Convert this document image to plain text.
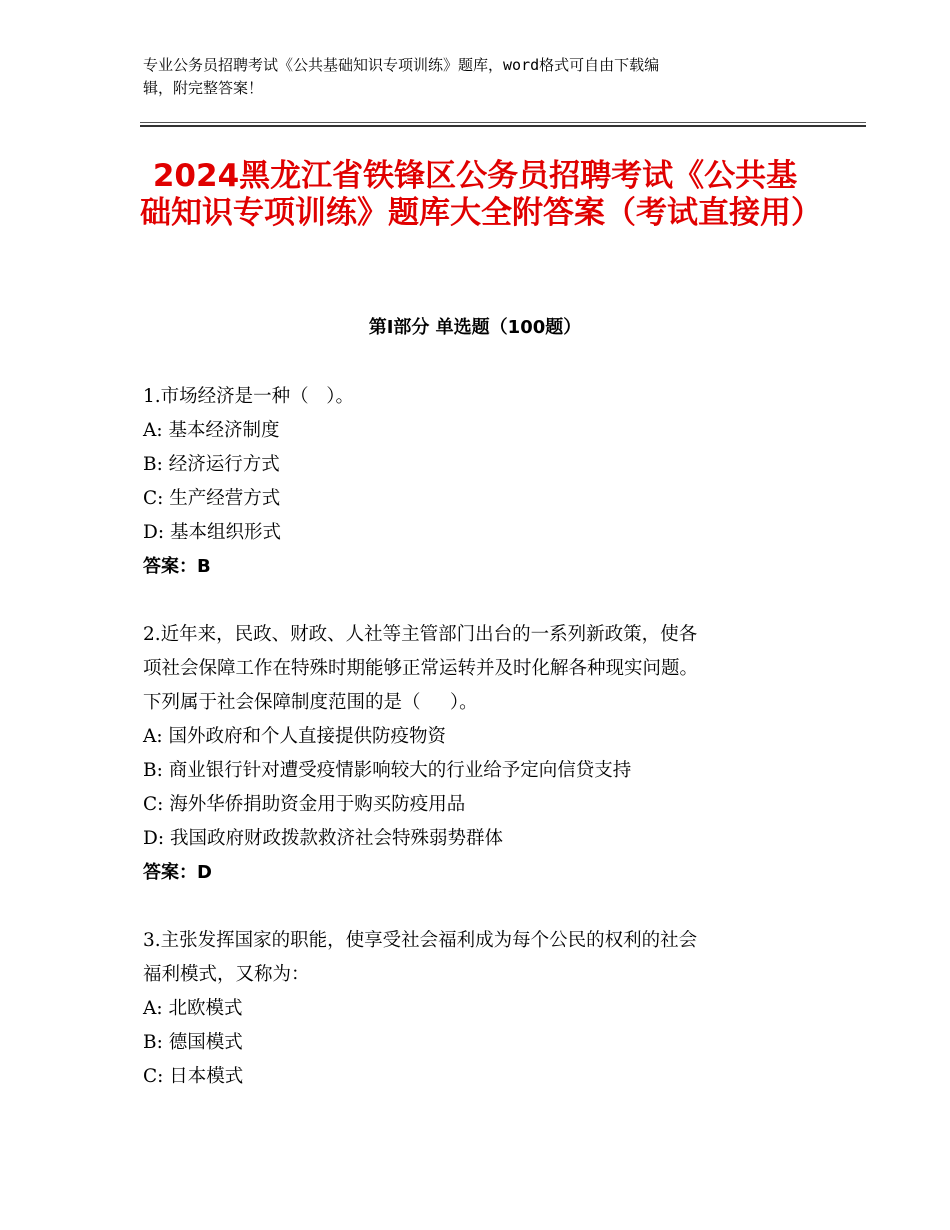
专业公务员招聘考试《公共基础知识专项训练》题库，word格式可自由下载编
辑，附完整答案！
2024黑龙江省铁锋区公务员招聘考试《公共基础知识专项训练》题库大全附答案（考试直接用）
第Ⅰ部分 单选题（100题）
1.市场经济是一种（   ）。
A: 基本经济制度
B: 经济运行方式
C: 生产经营方式
D: 基本组织形式
答案：B
2.近年来，民政、财政、人社等主管部门出台的一系列新政策，使各
项社会保障工作在特殊时期能够正常运转并及时化解各种现实问题。
下列属于社会保障制度范围的是（     ）。
A: 国外政府和个人直接提供防疫物资
B: 商业银行针对遭受疫情影响较大的行业给予定向信贷支持
C: 海外华侨捐助资金用于购买防疫用品
D: 我国政府财政拨款救济社会特殊弱势群体
答案：D
3.主张发挥国家的职能，使享受社会福利成为每个公民的权利的社会
福利模式，又称为：
A: 北欧模式
B: 德国模式
C: 日本模式
